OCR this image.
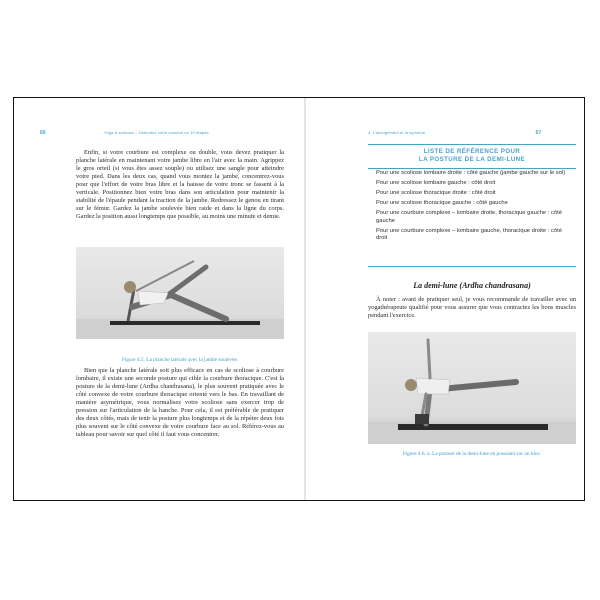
66	Yoga & scoliose – Détendez votre colonne en 10 étapes

Enfin, si votre courbure est complexe ou double, vous devez pratiquer la planche latérale en maintenant votre jambe libre en l'air avec la main. Agrippez le gros orteil (si vous êtes assez souple) ou utilisez une sangle pour atteindre votre pied. Dans les deux cas, quand vous montez la jambe, concentrez-vous pour que l'effort de votre bras libre et la hausse de votre tronc se fassent à la verticale. Positionnez bien votre bras dans son articulation pour maintenir la stabilité de l'épaule pendant la traction de la jambe. Redressez le genou en tirant sur le fémur. Gardez la jambe soulevée bien raide et dans la ligne du corps. Gardez la position aussi longtemps que possible, au moins une minute et demie.

Figure 4.5. La planche latérale avec la jambe soulevée.

Bien que la planche latérale soit plus efficace en cas de scoliose à courbure lombaire, il existe une seconde posture qui cible la courbure thoracique. C'est la posture de la demi-lune (Ardha chandrasana), le plus souvent pratiquée avec le côté convexe de votre courbure thoracique orienté vers le bas. En travaillant de manière asymétrique, vous normalisez votre scoliose sans exercer trop de pression sur l'articulation de la hanche. Pour cela, il est préférable de pratiquer des deux côtés, mais de tenir la posture plus longtemps et de la répéter deux fois plus souvent sur le côté convexe de votre courbure face au sol. Référez-vous au tableau pour savoir sur quel côté il faut vous concentrer.

4. L'allongement et la symétrie	67
LISTE DE RÉFÉRENCE POUR
LA POSTURE DE LA DEMI-LUNE
Pour une scoliose lombaire droite : côté gauche (jambe gauche sur le sol)
Pour une scoliose lombaire gauche : côté droit
Pour une scoliose thoracique droite : côté droit
Pour une scoliose thoracique gauche : côté gauche
Pour une courbure complexe – lombaire droite, thoracique gauche : côté gauche
Pour une courbure complexe – lombaire gauche, thoracique droite : côté droit
La demi-lune (Ardha chandrasana)

À noter : avant de pratiquer seul, je vous recommande de travailler avec un yogathérapeute qualifié pour vous assurer que vous contractez les bons muscles pendant l'exercice.

Figure 4.6. a. La posture de la demi-lune en poussant sur un bloc.
